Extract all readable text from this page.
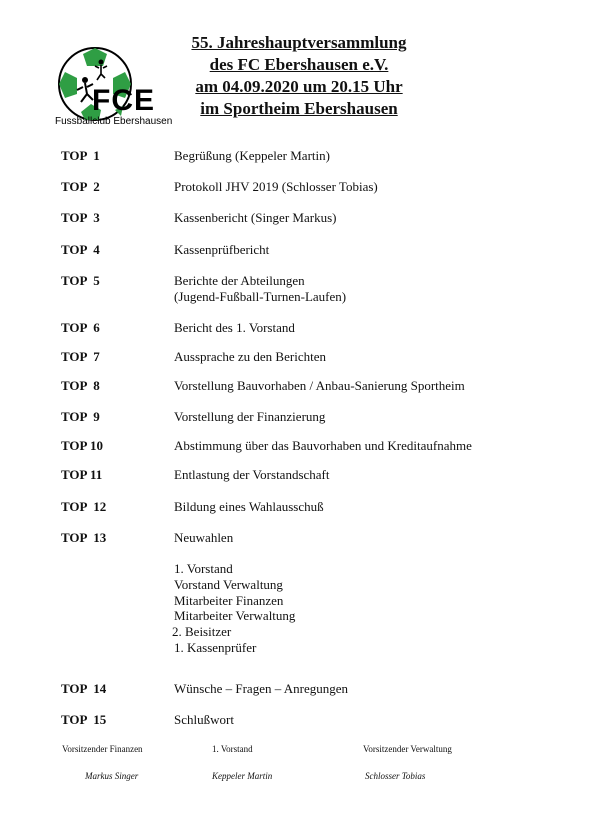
FCE
Fussballclub Ebershausen
55. Jahreshauptversammlung
des FC Ebershausen e.V.
am 04.09.2020 um 20.15 Uhr
im Sportheim Ebershausen
TOP  1	Begrüßung (Keppeler Martin)
TOP  2	Protokoll JHV 2019 (Schlosser Tobias)
TOP  3	Kassenbericht (Singer Markus)
TOP  4	Kassenprüfbericht
TOP  5	Berichte der Abteilungen
(Jugend-Fußball-Turnen-Laufen)
TOP  6	Bericht des 1. Vorstand
TOP  7	Aussprache zu den Berichten
TOP  8	Vorstellung Bauvorhaben / Anbau-Sanierung Sportheim
TOP  9	Vorstellung der Finanzierung
TOP 10	Abstimmung über das Bauvorhaben und Kreditaufnahme
TOP 11	Entlastung der Vorstandschaft
TOP  12	Bildung eines Wahlausschuß
TOP  13	Neuwahlen
1. Vorstand
Vorstand Verwaltung
Mitarbeiter Finanzen
Mitarbeiter Verwaltung
2. Beisitzer
1. Kassenprüfer
TOP  14	Wünsche – Fragen – Anregungen
TOP  15	Schlußwort
Vorsitzender Finanzen	1. Vorstand	Vorsitzender Verwaltung
Markus Singer	Keppeler Martin	Schlosser Tobias
